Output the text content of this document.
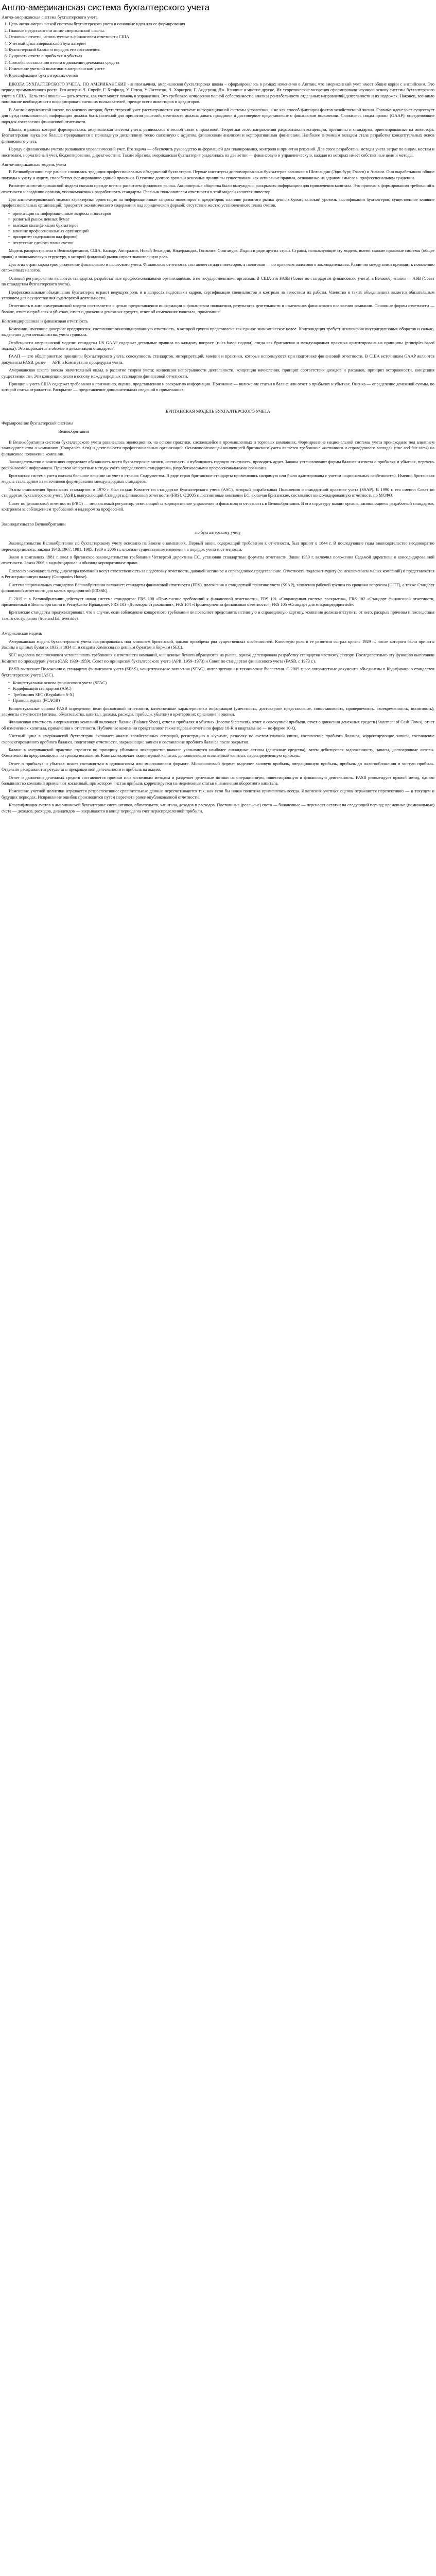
Англо-американская система бухгалтерского учета

Англо-американская система бухгалтерского учета

1. Цель англо-американской системы бухгалтерского учета и основные идеи для ее формирования
2. Главные представители англо-американской школы.
3. Основные отчеты, используемые в финансовом отчетности США
4. Учетный цикл американской бухгалтерии
5. Бухгалтерский баланс и порядок его составления.
6. Сущность отчета о прибылях и убытках
7. Способы составления отчета о движении денежных средств
8. Изменение учетной политики в американском учете
9. Классификация бухгалтерских счетов

ШКОЛА БУХГАЛТЕРСКОГО УЧЕТА. ПО АМЕРИКАНСКИЕ - англоязычная, американская бухгалтерская школа – сформировалась в рамках изменения в Англии, что американский учет имеет общие корни с английским. Это период промышленного роста. Его авторы: Ч. Спрейг, Г. Хэтфилд, У. Патон, У. Литтлтон, Ч. Хорнгрен, Г. Андерсон, Дж. Кэннинг и многие другие. Их теоретические воззрения сформировали научную основу системы бухгалтерского учета в США. Цель этой школы — дать ответы, как учет может помочь в управлении. Это требовало исчисления полной себестоимости, анализа рентабельности отдельных направлений деятельности и их издержек. Наконец, возникло понимание необходимости информировать внешних пользователей, прежде всего инвесторов и кредиторов.

В Англо-американской школе, по мнению авторов, бухгалтерский учет рассматривается как элемент информационной системы управления, а не как способ фиксации фактов хозяйственной жизни. Главные идеи: учет существует для нужд пользователей; информация должна быть полезной для принятия решений; отчетность должна давать правдивое и достоверное представление о финансовом положении. Сложились своды правил (GAAP), определяющие порядок составления финансовой отчетности.

Школа, в рамках которой формировалась американская система учета, развивалась в тесной связи с практикой. Теоретики этого направления разрабатывали концепции, принципы и стандарты, ориентированные на инвестора. Бухгалтерская наука все больше превращается в прикладную дисциплину, тесно связанную с аудитом, финансовым анализом и корпоративными финансами. Наиболее значимым вкладом стала разработка концептуальных основ финансового учета.

Наряду с финансовым учетом развивался управленческий учет. Его задача — обеспечить руководство информацией для планирования, контроля и принятия решений. Для этого разработаны методы учета затрат по видам, местам и носителям, нормативный учет, бюджетирование, директ-костинг. Таким образом, американская бухгалтерия разделилась на две ветви — финансовую и управленческую, каждая из которых имеет собственные цели и методы.

Англо-американская модель учета

В Великобритании еще раньше сложилась традиция профессиональных объединений бухгалтеров. Первые институты дипломированных бухгалтеров возникли в Шотландии (Эдинбург, Глазго) и Англии. Они вырабатывали общие подходы к учету и аудиту, способствуя формированию единой практики. В течение долгого времени основные принципы существовали как неписаные правила, основанные на здравом смысле и профессиональном суждении.

Развитие англо-американской модели связано прежде всего с развитием фондового рынка. Акционерные общества были вынуждены раскрывать информацию для привлечения капитала. Это привело к формированию требований к отчетности и созданию органов, уполномоченных разрабатывать стандарты. Главным пользователем отчетности в этой модели является инвестор.

Для англо-американской модели характерны: ориентация на информационные запросы инвесторов и кредиторов; наличие развитого рынка ценных бумаг; высокий уровень квалификации бухгалтеров; существенное влияние профессиональных организаций; приоритет экономического содержания над юридической формой; отсутствие жестко установленного плана счетов.

• ориентация на информационные запросы инвесторов
• развитый рынок ценных бумаг
• высокая квалификация бухгалтеров
• влияние профессиональных организаций
• приоритет содержания над формой
• отсутствие единого плана счетов

Модель распространена в Великобритании, США, Канаде, Австралии, Новой Зеландии, Нидерландах, Гонконге, Сингапуре, Индии и ряде других стран. Страны, использующие эту модель, имеют схожие правовые системы (общее право) и экономическую структуру, в которой фондовый рынок играет значительную роль.

Для этих стран характерно разделение финансового и налогового учета. Финансовая отчетность составляется для инвесторов, а налоговая — по правилам налогового законодательства. Различия между ними приводят к появлению отложенных налогов.

Основой регулирования являются стандарты, разработанные профессиональными организациями, а не государственными органами. В США это FASB (Совет по стандартам финансового учета), в Великобритании — ASB (Совет по стандартам бухгалтерского учета).

Профессиональные объединения бухгалтеров играют ведущую роль и в вопросах подготовки кадров, сертификации специалистов и контроля за качеством их работы. Членство в таких объединениях является обязательным условием для осуществления аудиторской деятельности.

Отчетность в англо-американской модели составляется с целью предоставления информации о финансовом положении, результатах деятельности и изменениях финансового положения компании. Основные формы отчетности — баланс, отчет о прибылях и убытках, отчет о движении денежных средств, отчет об изменениях капитала, примечания.

Консолидированная и финансовая отчетность

Компании, имеющие дочерние предприятия, составляют консолидированную отчетность, в которой группа представлена как единое экономическое целое. Консолидация требует исключения внутригрупповых оборотов и сальдо, выделения доли меньшинства, учета гудвилла.

Особенности американской модели: стандарты US GAAP содержат детальные правила по каждому вопросу (rules-based подход), тогда как британская и международная практика ориентирована на принципы (principles-based подход). Это выражается в объеме и детализации стандартов.

ГААП — это общепринятые принципы бухгалтерского учета, совокупность стандартов, интерпретаций, мнений и практики, которые используются при подготовке финансовой отчетности. В США источником GAAP являются документы FASB, ранее — APB и Комитета по процедурам учета.

Американская школа внесла значительный вклад в развитие теории учета: концепция непрерывности деятельности, концепция начисления, принцип соответствия доходов и расходов, принцип осторожности, концепция существенности. Эти концепции легли в основу международных стандартов финансовой отчетности.

Принципы учета США содержат требования к признанию, оценке, представлению и раскрытию информации. Признание — включение статьи в баланс или отчет о прибылях и убытках. Оценка — определение денежной суммы, по которой статья отражается. Раскрытие — представление дополнительных сведений в примечаниях.

БРИТАНСКАЯ МОДЕЛЬ БУХГАЛТЕРСКОГО УЧЕТА

Формирование бухгалтерской системы

Великобритании

В Великобритании система бухгалтерского учета развивалась эволюционно, на основе практики, сложившейся в промышленных и торговых компаниях. Формирование национальной системы учета происходило под влиянием законодательства о компаниях (Companies Acts) и деятельности профессиональных организаций. Основополагающей концепцией британского учета является требование «истинного и справедливого взгляда» (true and fair view) на финансовое положение компании.

Законодательство о компаниях определяет обязанность вести бухгалтерские записи, составлять и публиковать годовую отчетность, проводить аудит. Законы устанавливают формы баланса и отчета о прибылях и убытках, перечень раскрываемой информации. При этом конкретные методы учета определяются стандартами, разрабатываемыми профессиональными органами.

Британская система учета оказала большое влияние на учет в странах Содружества. В ряде стран британские стандарты применялись напрямую или были адаптированы с учетом национальных особенностей. Именно британская модель стала одним из источников формирования международных стандартов.

Этапы становления британских стандартов: в 1970 г. был создан Комитет по стандартам бухгалтерского учета (ASC), который разрабатывал Положения о стандартной практике учета (SSAP). В 1990 г. его сменил Совет по стандартам бухгалтерского учета (ASB), выпускающий Стандарты финансовой отчетности (FRS). С 2005 г. листинговые компании ЕС, включая британские, составляют консолидированную отчетность по МСФО.

Совет по финансовой отчетности (FRC) — независимый регулятор, отвечающий за корпоративное управление и финансовую отчетность в Великобритании. В его структуру входят органы, занимающиеся разработкой стандартов, контролем за соблюдением требований и надзором за профессией.

Законодательство Великобритании

по бухгалтерскому учету

Законодательство Великобритании по бухгалтерскому учету основано на Законе о компаниях. Первый закон, содержащий требования к отчетности, был принят в 1844 г. В последующие годы законодательство неоднократно пересматривалось: законы 1948, 1967, 1981, 1985, 1989 и 2006 гг. вносили существенные изменения в порядок учета и отчетности.

Закон о компаниях 1981 г. ввел в британское законодательство требования Четвертой директивы ЕС, установив стандартные форматы отчетности. Закон 1989 г. включил положения Седьмой директивы о консолидированной отчетности. Закон 2006 г. кодифицировал и обновил корпоративное право.

Согласно законодательству, директора компании несут ответственность за подготовку отчетности, дающей истинное и справедливое представление. Отчетность подлежит аудиту (за исключением малых компаний) и представляется в Регистрационную палату (Companies House).

Система национальных стандартов Великобритании включает: стандарты финансовой отчетности (FRS), положения о стандартной практике учета (SSAP), заявления рабочей группы по срочным вопросам (UITF), а также Стандарт финансовой отчетности для малых предприятий (FRSSE).

С 2015 г. в Великобритании действует новая система стандартов: FRS 100 «Применение требований к финансовой отчетности», FRS 101 «Сокращенная система раскрытия», FRS 102 «Стандарт финансовой отчетности, применяемый в Великобритании и Республике Ирландия», FRS 103 «Договоры страхования», FRS 104 «Промежуточная финансовая отчетность», FRS 105 «Стандарт для микропредприятий».

Британские стандарты предусматривают, что в случае, если соблюдение конкретного требования не позволяет представить истинную и справедливую картину, компания должна отступить от него, раскрыв причины и последствия такого отступления (true and fair override).

Американская модель

Американская модель бухгалтерского учета сформировалась под влиянием британской, однако приобрела ряд существенных особенностей. Ключевую роль в ее развитии сыграл кризис 1929 г., после которого были приняты Законы о ценных бумагах 1933 и 1934 гг. и создана Комиссия по ценным бумагам и биржам (SEC).

SEC наделена полномочиями устанавливать требования к отчетности компаний, чьи ценные бумаги обращаются на рынке, однако делегировала разработку стандартов частному сектору. Последовательно эту функцию выполняли Комитет по процедурам учета (CAP, 1939–1959), Совет по принципам бухгалтерского учета (APB, 1959–1973) и Совет по стандартам финансового учета (FASB, с 1973 г.).

FASB выпускает Положения о стандартах финансового учета (SFAS), концептуальные заявления (SFAC), интерпретации и технические бюллетени. С 2009 г. все авторитетные документы объединены в Кодификацию стандартов бухгалтерского учета (ASC).

• Концептуальная основа финансового учета (SFAC)
• Кодификация стандартов (ASC)
• Требования SEC (Regulation S-X)
• Правила аудита (PCAOB)

Концептуальные основы FASB определяют цели финансовой отчетности, качественные характеристики информации (уместность, достоверное представление, сопоставимость, проверяемость, своевременность, понятность), элементы отчетности (активы, обязательства, капитал, доходы, расходы, прибыли, убытки) и критерии их признания и оценки.

Финансовая отчетность американских компаний включает: баланс (Balance Sheet), отчет о прибылях и убытках (Income Statement), отчет о совокупной прибыли, отчет о движении денежных средств (Statement of Cash Flows), отчет об изменениях капитала, примечания к отчетности. Публичные компании представляют также годовые отчеты по форме 10-K и квартальные — по форме 10-Q.

Учетный цикл в американской бухгалтерии включает: анализ хозяйственных операций, регистрацию в журнале, разноску по счетам главной книги, составление пробного баланса, корректирующие записи, составление скорректированного пробного баланса, подготовку отчетности, закрывающие записи и составление пробного баланса после закрытия.

Баланс в американской практике строится по принципу убывания ликвидности: вначале указываются наиболее ликвидные активы (денежные средства), затем дебиторская задолженность, запасы, долгосрочные активы. Обязательства представляются по срокам погашения. Капитал включает акционерный капитал, дополнительно оплаченный капитал, нераспределенную прибыль.

Отчет о прибылях и убытках может составляться в одношаговом или многошаговом формате. Многошаговый формат выделяет валовую прибыль, операционную прибыль, прибыль до налогообложения и чистую прибыль. Отдельно раскрываются результаты прекращенной деятельности и прибыль на акцию.

Отчет о движении денежных средств составляется прямым или косвенным методом и разделяет денежные потоки на операционную, инвестиционную и финансовую деятельность. FASB рекомендует прямой метод, однако большинство компаний применяют косвенный, при котором чистая прибыль корректируется на неденежные статьи и изменения оборотного капитала.

Изменение учетной политики отражается ретроспективно: сравнительные данные пересчитываются так, как если бы новая политика применялась всегда. Изменения учетных оценок отражаются перспективно — в текущем и будущих периодах. Исправление ошибок производится путем пересчета ранее опубликованной отчетности.

Классификация счетов в американской бухгалтерии: счета активов, обязательств, капитала, доходов и расходов. Постоянные (реальные) счета — балансовые — переносят остатки на следующий период; временные (номинальные) счета — доходов, расходов, дивидендов — закрываются в конце периода на счет нераспределенной прибыли.
